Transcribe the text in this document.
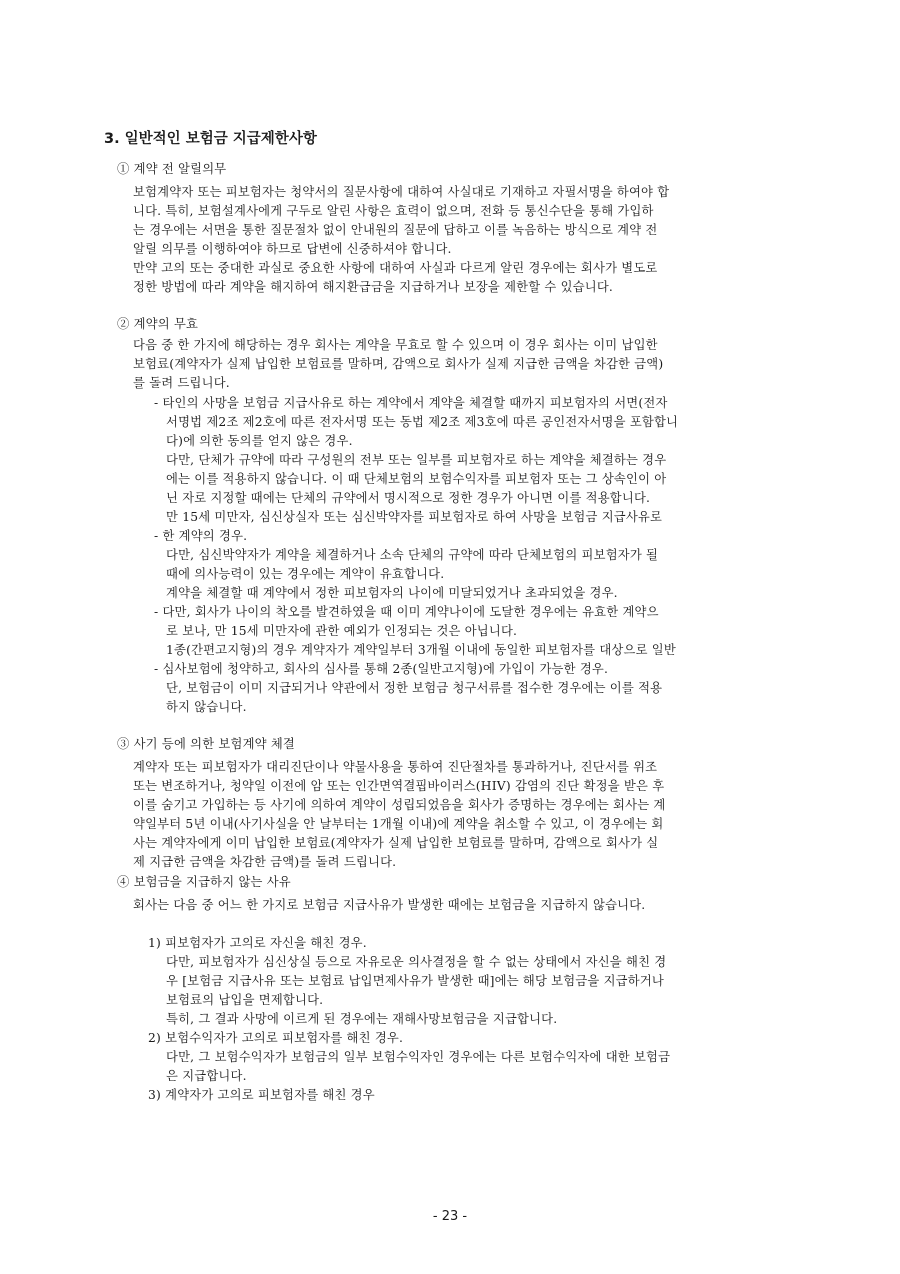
3. 일반적인 보험금 지급제한사항
① 계약 전 알릴의무
보험계약자 또는 피보험자는 청약서의 질문사항에 대하여 사실대로 기재하고 자필서명을 하여야 합
니다. 특히, 보험설계사에게 구두로 알린 사항은 효력이 없으며, 전화 등 통신수단을 통해 가입하
는 경우에는 서면을 통한 질문절차 없이 안내원의 질문에 답하고 이를 녹음하는 방식으로 계약 전
알릴 의무를 이행하여야 하므로 답변에 신중하셔야 합니다.
만약 고의 또는 중대한 과실로 중요한 사항에 대하여 사실과 다르게 알린 경우에는 회사가 별도로
정한 방법에 따라 계약을 해지하여 해지환급금을 지급하거나 보장을 제한할 수 있습니다.
② 계약의 무효
다음 중 한 가지에 해당하는 경우 회사는 계약을 무효로 할 수 있으며 이 경우 회사는 이미 납입한
보험료(계약자가 실제 납입한 보험료를 말하며, 감액으로 회사가 실제 지급한 금액을 차감한 금액)
를 돌려 드립니다.
- 타인의 사망을 보험금 지급사유로 하는 계약에서 계약을 체결할 때까지 피보험자의 서면(전자
서명법 제2조 제2호에 따른 전자서명 또는 동법 제2조 제3호에 따른 공인전자서명을 포함합니
다)에 의한 동의를 얻지 않은 경우.
다만, 단체가 규약에 따라 구성원의 전부 또는 일부를 피보험자로 하는 계약을 체결하는 경우
에는 이를 적용하지 않습니다. 이 때 단체보험의 보험수익자를 피보험자 또는 그 상속인이 아
닌 자로 지정할 때에는 단체의 규약에서 명시적으로 정한 경우가 아니면 이를 적용합니다.
만 15세 미만자, 심신상실자 또는 심신박약자를 피보험자로 하여 사망을 보험금 지급사유로
- 한 계약의 경우.
다만, 심신박약자가 계약을 체결하거나 소속 단체의 규약에 따라 단체보험의 피보험자가 될
때에 의사능력이 있는 경우에는 계약이 유효합니다.
계약을 체결할 때 계약에서 정한 피보험자의 나이에 미달되었거나 초과되었을 경우.
- 다만, 회사가 나이의 착오를 발견하였을 때 이미 계약나이에 도달한 경우에는 유효한 계약으
로 보나, 만 15세 미만자에 관한 예외가 인정되는 것은 아닙니다.
1종(간편고지형)의 경우 계약자가 계약일부터 3개월 이내에 동일한 피보험자를 대상으로 일반
- 심사보험에 청약하고, 회사의 심사를 통해 2종(일반고지형)에 가입이 가능한 경우.
단, 보험금이 이미 지급되거나 약관에서 정한 보험금 청구서류를 접수한 경우에는 이를 적용
하지 않습니다.
③ 사기 등에 의한 보험계약 체결
계약자 또는 피보험자가 대리진단이나 약물사용을 통하여 진단절차를 통과하거나, 진단서를 위조
또는 변조하거나, 청약일 이전에 암 또는 인간면역결핍바이러스(HIV) 감염의 진단 확정을 받은 후
이를 숨기고 가입하는 등 사기에 의하여 계약이 성립되었음을 회사가 증명하는 경우에는 회사는 계
약일부터 5년 이내(사기사실을 안 날부터는 1개월 이내)에 계약을 취소할 수 있고, 이 경우에는 회
사는 계약자에게 이미 납입한 보험료(계약자가 실제 납입한 보험료를 말하며, 감액으로 회사가 실
제 지급한 금액을 차감한 금액)를 돌려 드립니다.
④ 보험금을 지급하지 않는 사유
회사는 다음 중 어느 한 가지로 보험금 지급사유가 발생한 때에는 보험금을 지급하지 않습니다.
1) 피보험자가 고의로 자신을 해친 경우.
다만, 피보험자가 심신상실 등으로 자유로운 의사결정을 할 수 없는 상태에서 자신을 해친 경
우 [보험금 지급사유 또는 보험료 납입면제사유가 발생한 때]에는 해당 보험금을 지급하거나
보험료의 납입을 면제합니다.
특히, 그 결과 사망에 이르게 된 경우에는 재해사망보험금을 지급합니다.
2) 보험수익자가 고의로 피보험자를 해친 경우.
다만, 그 보험수익자가 보험금의 일부 보험수익자인 경우에는 다른 보험수익자에 대한 보험금
은 지급합니다.
3) 계약자가 고의로 피보험자를 해친 경우
- 23 -
